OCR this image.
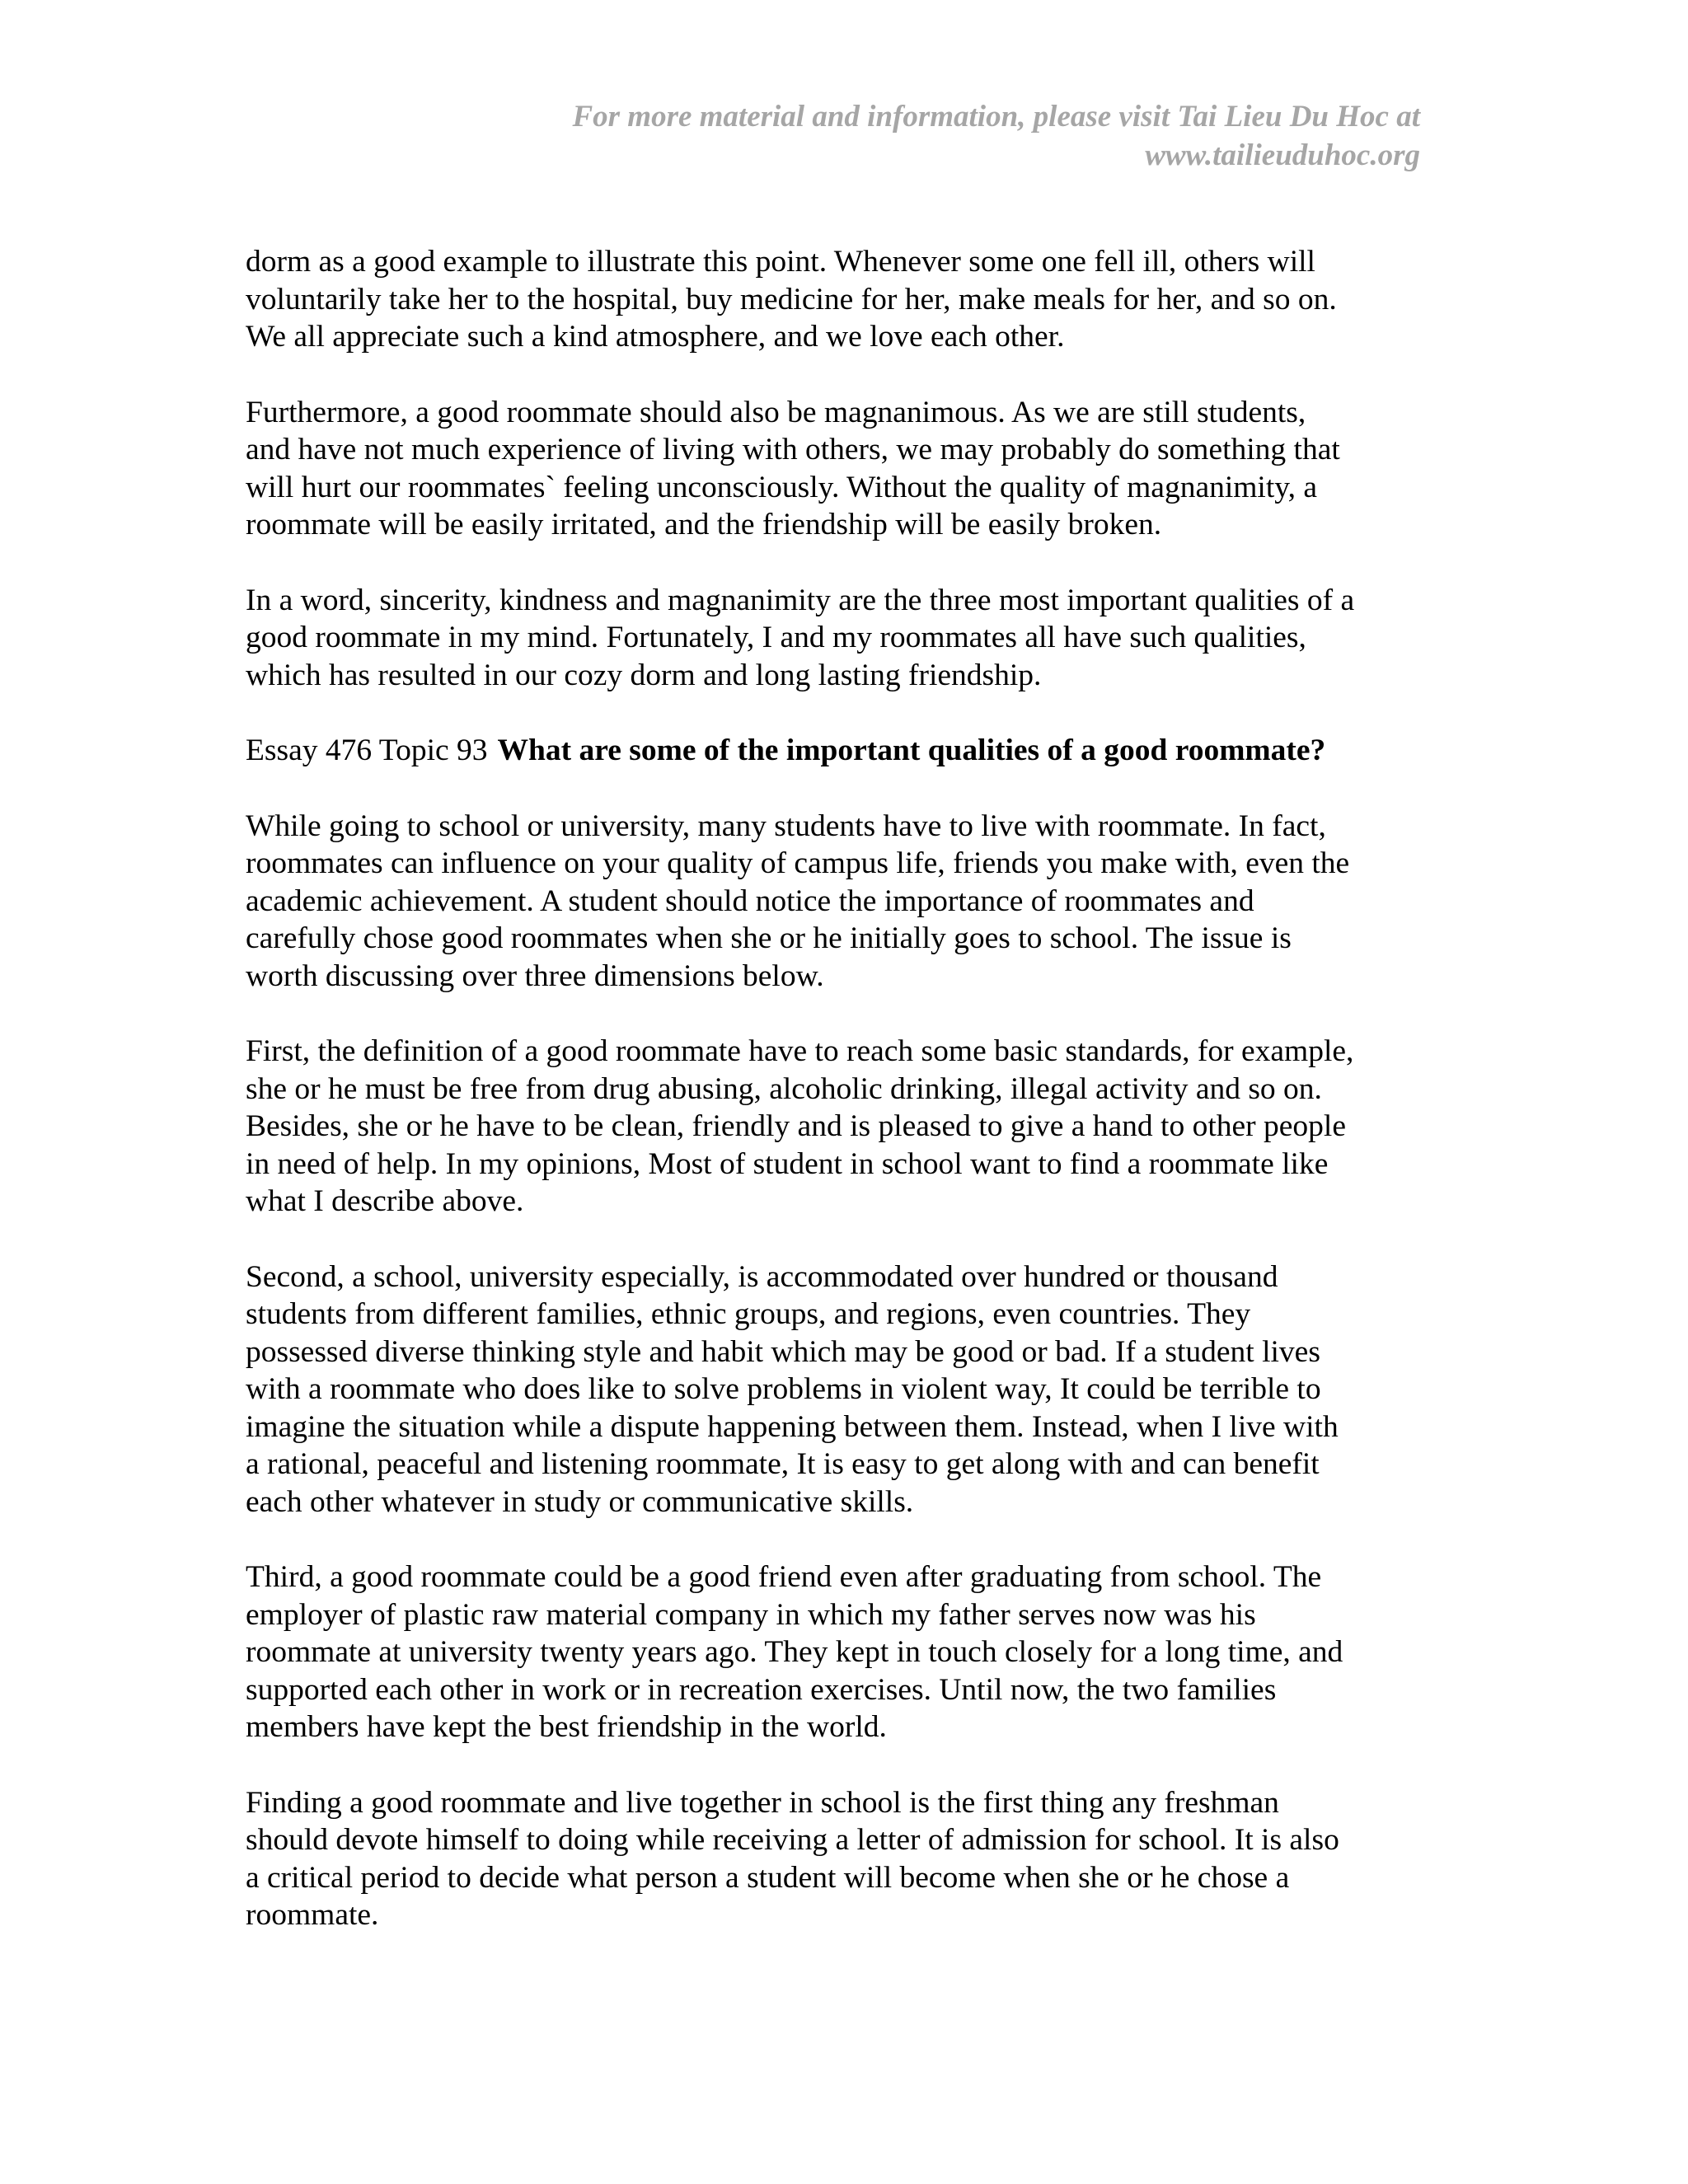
For more material and information, please visit Tai Lieu Du Hoc at
www.tailieuduhoc.org
dorm as a good example to illustrate this point. Whenever some one fell ill, others will
voluntarily take her to the hospital, buy medicine for her, make meals for her, and so on.
We all appreciate such a kind atmosphere, and we love each other.
Furthermore, a good roommate should also be magnanimous. As we are still students,
and have not much experience of living with others, we may probably do something that
will hurt our roommates` feeling unconsciously. Without the quality of magnanimity, a
roommate will be easily irritated, and the friendship will be easily broken.
In a word, sincerity, kindness and magnanimity are the three most important qualities of a
good roommate in my mind. Fortunately, I and my roommates all have such qualities,
which has resulted in our cozy dorm and long lasting friendship.
Essay 476 Topic 93 What are some of the important qualities of a good roommate?
While going to school or university, many students have to live with roommate. In fact,
roommates can influence on your quality of campus life, friends you make with, even the
academic achievement. A student should notice the importance of roommates and
carefully chose good roommates when she or he initially goes to school. The issue is
worth discussing over three dimensions below.
First, the definition of a good roommate have to reach some basic standards, for example,
she or he must be free from drug abusing, alcoholic drinking, illegal activity and so on.
Besides, she or he have to be clean, friendly and is pleased to give a hand to other people
in need of help. In my opinions, Most of student in school want to find a roommate like
what I describe above.
Second, a school, university especially, is accommodated over hundred or thousand
students from different families, ethnic groups, and regions, even countries. They
possessed diverse thinking style and habit which may be good or bad. If a student lives
with a roommate who does like to solve problems in violent way, It could be terrible to
imagine the situation while a dispute happening between them. Instead, when I live with
a rational, peaceful and listening roommate, It is easy to get along with and can benefit
each other whatever in study or communicative skills.
Third, a good roommate could be a good friend even after graduating from school. The
employer of plastic raw material company in which my father serves now was his
roommate at university twenty years ago. They kept in touch closely for a long time, and
supported each other in work or in recreation exercises. Until now, the two families
members have kept the best friendship in the world.
Finding a good roommate and live together in school is the first thing any freshman
should devote himself to doing while receiving a letter of admission for school. It is also
a critical period to decide what person a student will become when she or he chose a
roommate.
